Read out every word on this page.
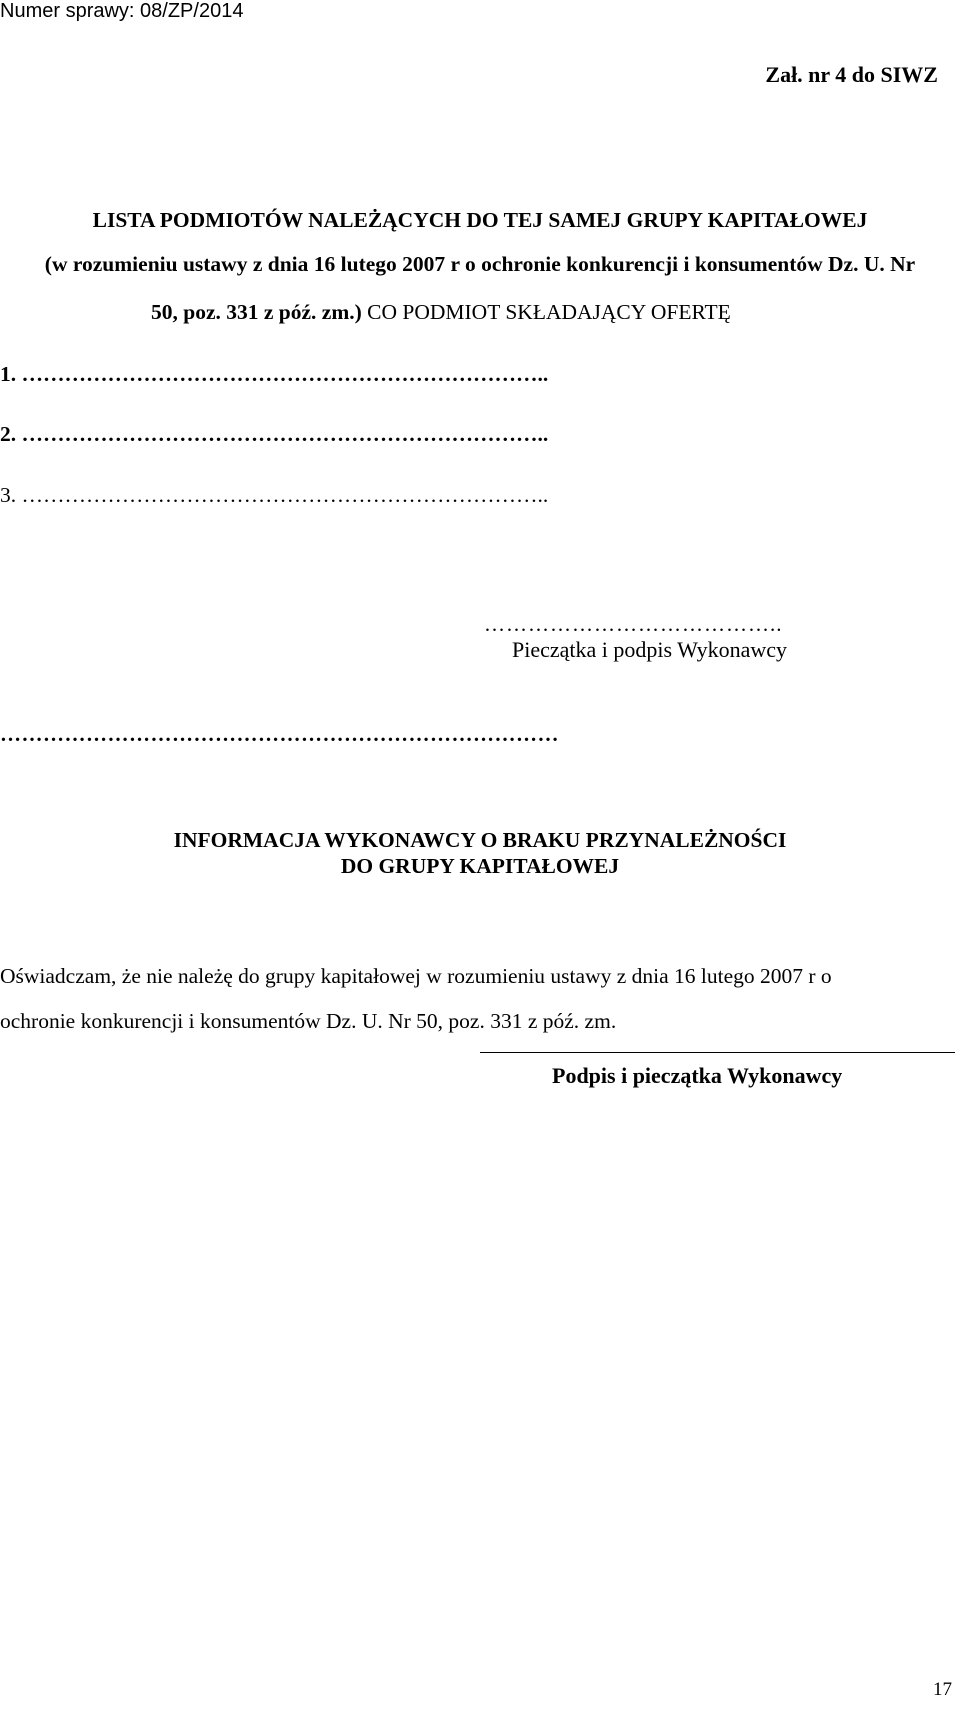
Numer sprawy: 08/ZP/2014
Zał. nr 4 do SIWZ
LISTA PODMIOTÓW NALEŻĄCYCH DO TEJ SAMEJ GRUPY KAPITAŁOWEJ
(w rozumieniu ustawy z dnia 16 lutego 2007 r o ochronie konkurencji i konsumentów Dz. U. Nr
50, poz. 331 z póź. zm.) CO PODMIOT SKŁADAJĄCY OFERTĘ
1. ………………………………………………………………..
2. ………………………………………………………………..
3. ………………………………………………………………..
…………………………………..
Pieczątka i podpis Wykonawcy
……………………………………………………………………
INFORMACJA WYKONAWCY O BRAKU PRZYNALEŻNOŚCI
DO GRUPY KAPITAŁOWEJ
Oświadczam, że nie należę do grupy kapitałowej w rozumieniu ustawy z dnia 16 lutego 2007 r o
ochronie konkurencji i konsumentów Dz. U. Nr 50, poz. 331 z póź. zm.
Podpis i pieczątka Wykonawcy
17
